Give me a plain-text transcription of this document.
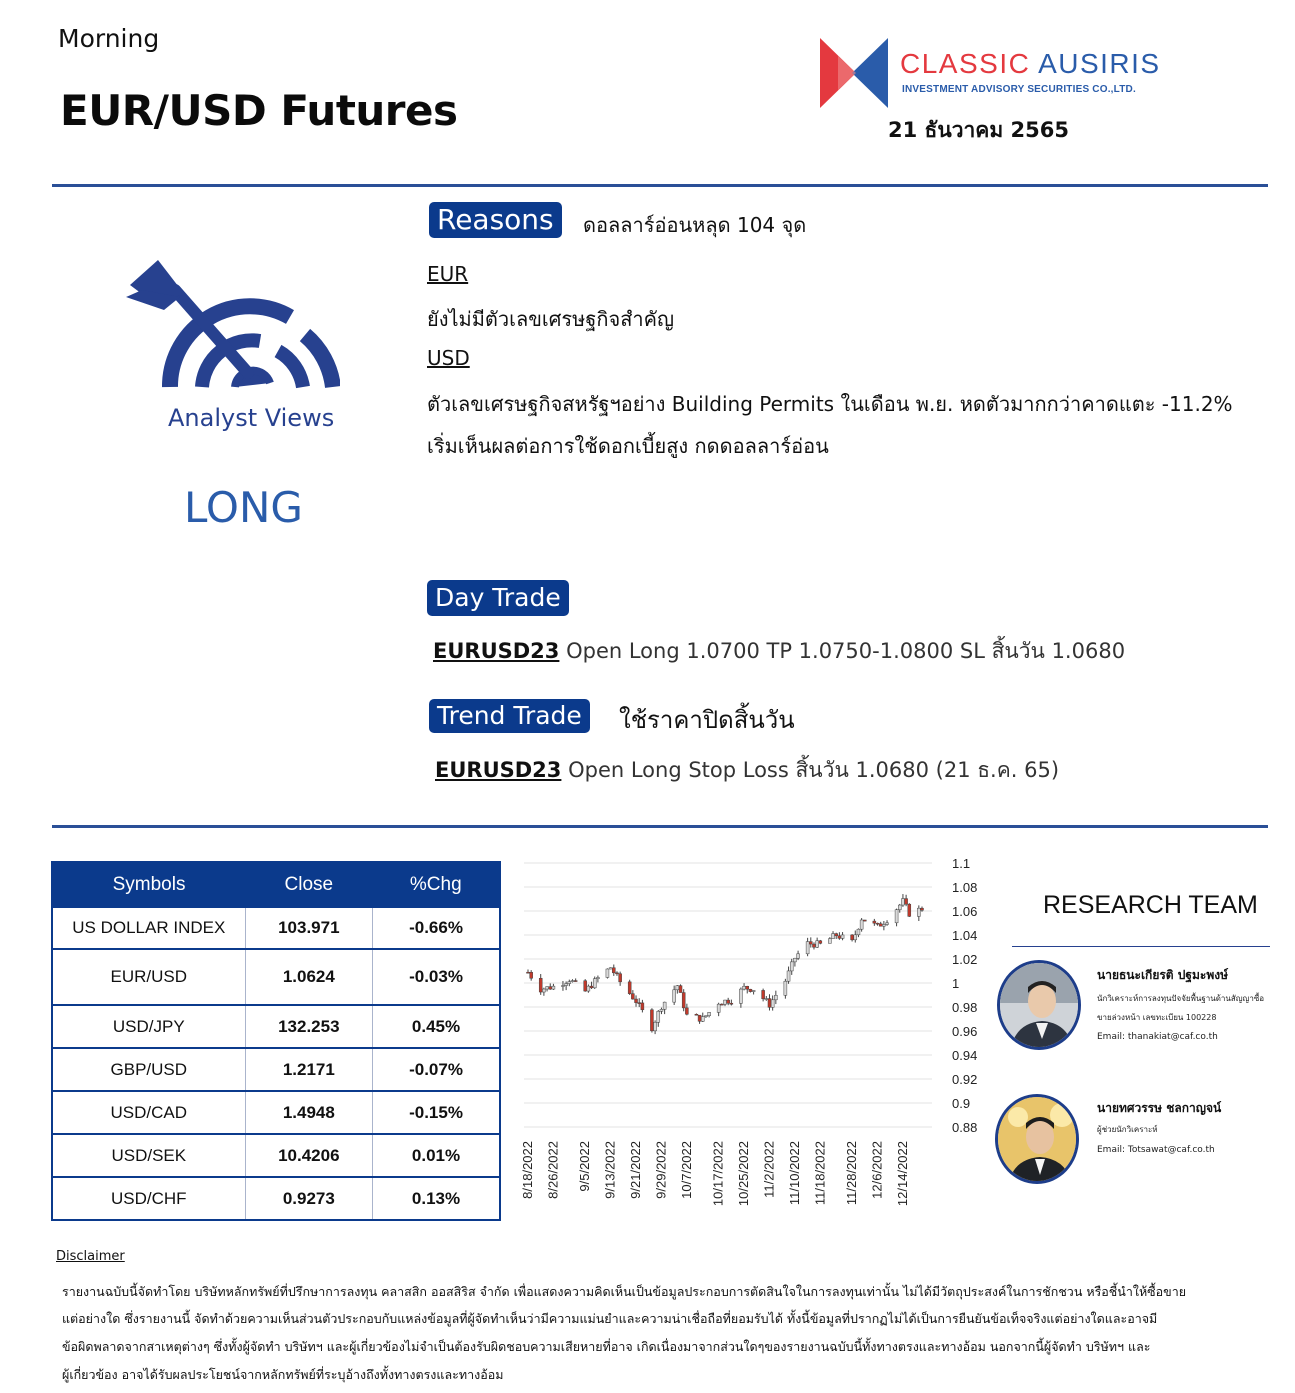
Morning
EUR/USD Futures
CLASSIC AUSIRIS
INVESTMENT ADVISORY SECURITIES CO.,LTD.
21 ธันวาคม 2565
Analyst Views
LONG
Reasons	ดอลลาร์อ่อนหลุด 104 จุด
EUR
ยังไม่มีตัวเลขเศรษฐกิจสำคัญ
USD
ตัวเลขเศรษฐกิจสหรัฐฯอย่าง Building Permits ในเดือน พ.ย. หดตัวมากกว่าคาดแตะ -11.2%
เริ่มเห็นผลต่อการใช้ดอกเบี้ยสูง กดดอลลาร์อ่อน
Day Trade
EURUSD23 Open Long 1.0700 TP 1.0750-1.0800 SL สิ้นวัน 1.0680
Trend Trade	ใช้ราคาปิดสิ้นวัน
EURUSD23 Open Long Stop Loss สิ้นวัน 1.0680 (21 ธ.ค. 65)
Symbols	Close	%Chg
US DOLLAR INDEX	103.971	-0.66%
EUR/USD	1.0624	-0.03%
USD/JPY	132.253	0.45%
GBP/USD	1.2171	-0.07%
USD/CAD	1.4948	-0.15%
USD/SEK	10.4206	0.01%
USD/CHF	0.9273	0.13%
1.1
1.08
1.06
1.04
1.02
1
0.98
0.96
0.94
0.92
0.9
0.88
8/18/2022 8/26/2022 9/5/2022 9/13/2022 9/21/2022 9/29/2022 10/7/2022 10/17/2022 10/25/2022 11/2/2022 11/10/2022 11/18/2022 11/28/2022 12/6/2022 12/14/2022
RESEARCH TEAM
นายธนะเกียรติ ปฐมะพงษ์
นักวิเคราะห์การลงทุนปัจจัยพื้นฐานด้านสัญญาซื้อ
ขายล่วงหน้า เลขทะเบียน 100228
Email: thanakiat@caf.co.th
นายทศวรรษ ชลกาญจน์
ผู้ช่วยนักวิเคราะห์
Email: Totsawat@caf.co.th
Disclaimer
รายงานฉบับนี้จัดทำโดย บริษัทหลักทรัพย์ที่ปรึกษาการลงทุน คลาสสิก ออสสิริส จำกัด เพื่อแสดงความคิดเห็นเป็นข้อมูลประกอบการตัดสินใจในการลงทุนเท่านั้น ไม่ได้มีวัตถุประสงค์ในการชักชวน หรือชี้นำให้ซื้อขาย
แต่อย่างใด ซึ่งรายงานนี้ จัดทำด้วยความเห็นส่วนตัวประกอบกับแหล่งข้อมูลที่ผู้จัดทำเห็นว่ามีความแม่นยำและความน่าเชื่อถือที่ยอมรับได้ ทั้งนี้ข้อมูลที่ปรากฏไม่ได้เป็นการยืนยันข้อเท็จจริงแต่อย่างใดและอาจมี
ข้อผิดพลาดจากสาเหตุต่างๆ ซึ่งทั้งผู้จัดทำ บริษัทฯ และผู้เกี่ยวข้องไม่จำเป็นต้องรับผิดชอบความเสียหายที่อาจ เกิดเนื่องมาจากส่วนใดๆของรายงานฉบับนี้ทั้งทางตรงและทางอ้อม นอกจากนี้ผู้จัดทำ บริษัทฯ และ
ผู้เกี่ยวข้อง อาจได้รับผลประโยชน์จากหลักทรัพย์ที่ระบุอ้างถึงทั้งทางตรงและทางอ้อม
